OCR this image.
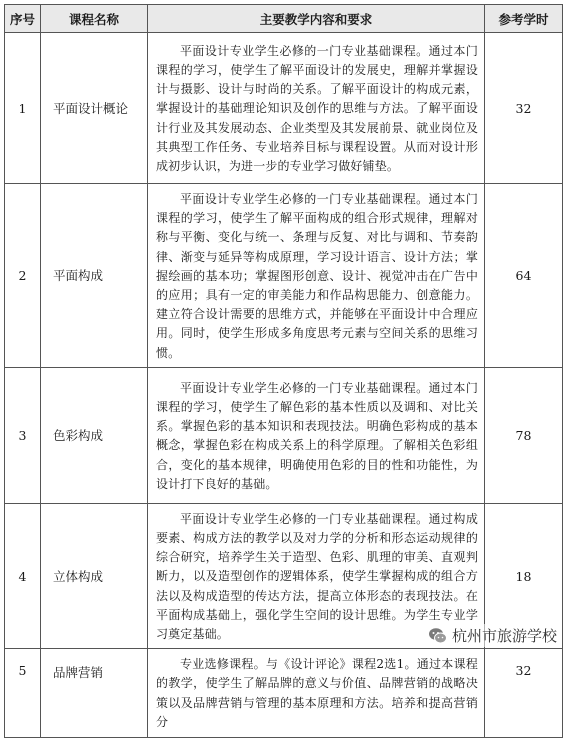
序号	课程名称	主要教学内容和要求	参考学时
1	平面设计概论	平面设计专业学生必修的一门专业基础课程。通过本门课程的学习，使学生了解平面设计的发展史，理解并掌握设计与摄影、设计与时尚的关系。了解平面设计的构成元素，掌握设计的基础理论知识及创作的思维与方法。了解平面设计行业及其发展动态、企业类型及其发展前景、就业岗位及其典型工作任务、专业培养目标与课程设置。从而对设计形成初步认识，为进一步的专业学习做好铺垫。	32
2	平面构成	平面设计专业学生必修的一门专业基础课程。通过本门课程的学习，使学生了解平面构成的组合形式规律，理解对称与平衡、变化与统一、条理与反复、对比与调和、节奏韵律、渐变与延异等构成原理，学习设计语言、设计方法；掌握绘画的基本功；掌握图形创意、设计、视觉冲击在广告中的应用；具有一定的审美能力和作品构思能力、创意能力。建立符合设计需要的思维方式，并能够在平面设计中合理应用。同时，使学生形成多角度思考元素与空间关系的思维习惯。	64
3	色彩构成	平面设计专业学生必修的一门专业基础课程。通过本门课程的学习，使学生了解色彩的基本性质以及调和、对比关系。掌握色彩的基本知识和表现技法。明确色彩构成的基本概念，掌握色彩在构成关系上的科学原理。了解相关色彩组合，变化的基本规律，明确使用色彩的目的性和功能性，为设计打下良好的基础。	78
4	立体构成	平面设计专业学生必修的一门专业基础课程。通过构成要素、构成方法的教学以及对力学的分析和形态运动规律的综合研究，培养学生关于造型、色彩、肌理的审美、直观判断力，以及造型创作的逻辑体系，使学生掌握构成的组合方法以及构成造型的传达方法，提高立体形态的表现技法。在平面构成基础上，强化学生空间的设计思维。为学生专业学习奠定基础。	18
5	品牌营销	专业选修课程。与《设计评论》课程2选1。通过本课程的教学，使学生了解品牌的意义与价值、品牌营销的战略决策以及品牌营销与管理的基本原理和方法。培养和提高营销分	32
杭州市旅游学校
